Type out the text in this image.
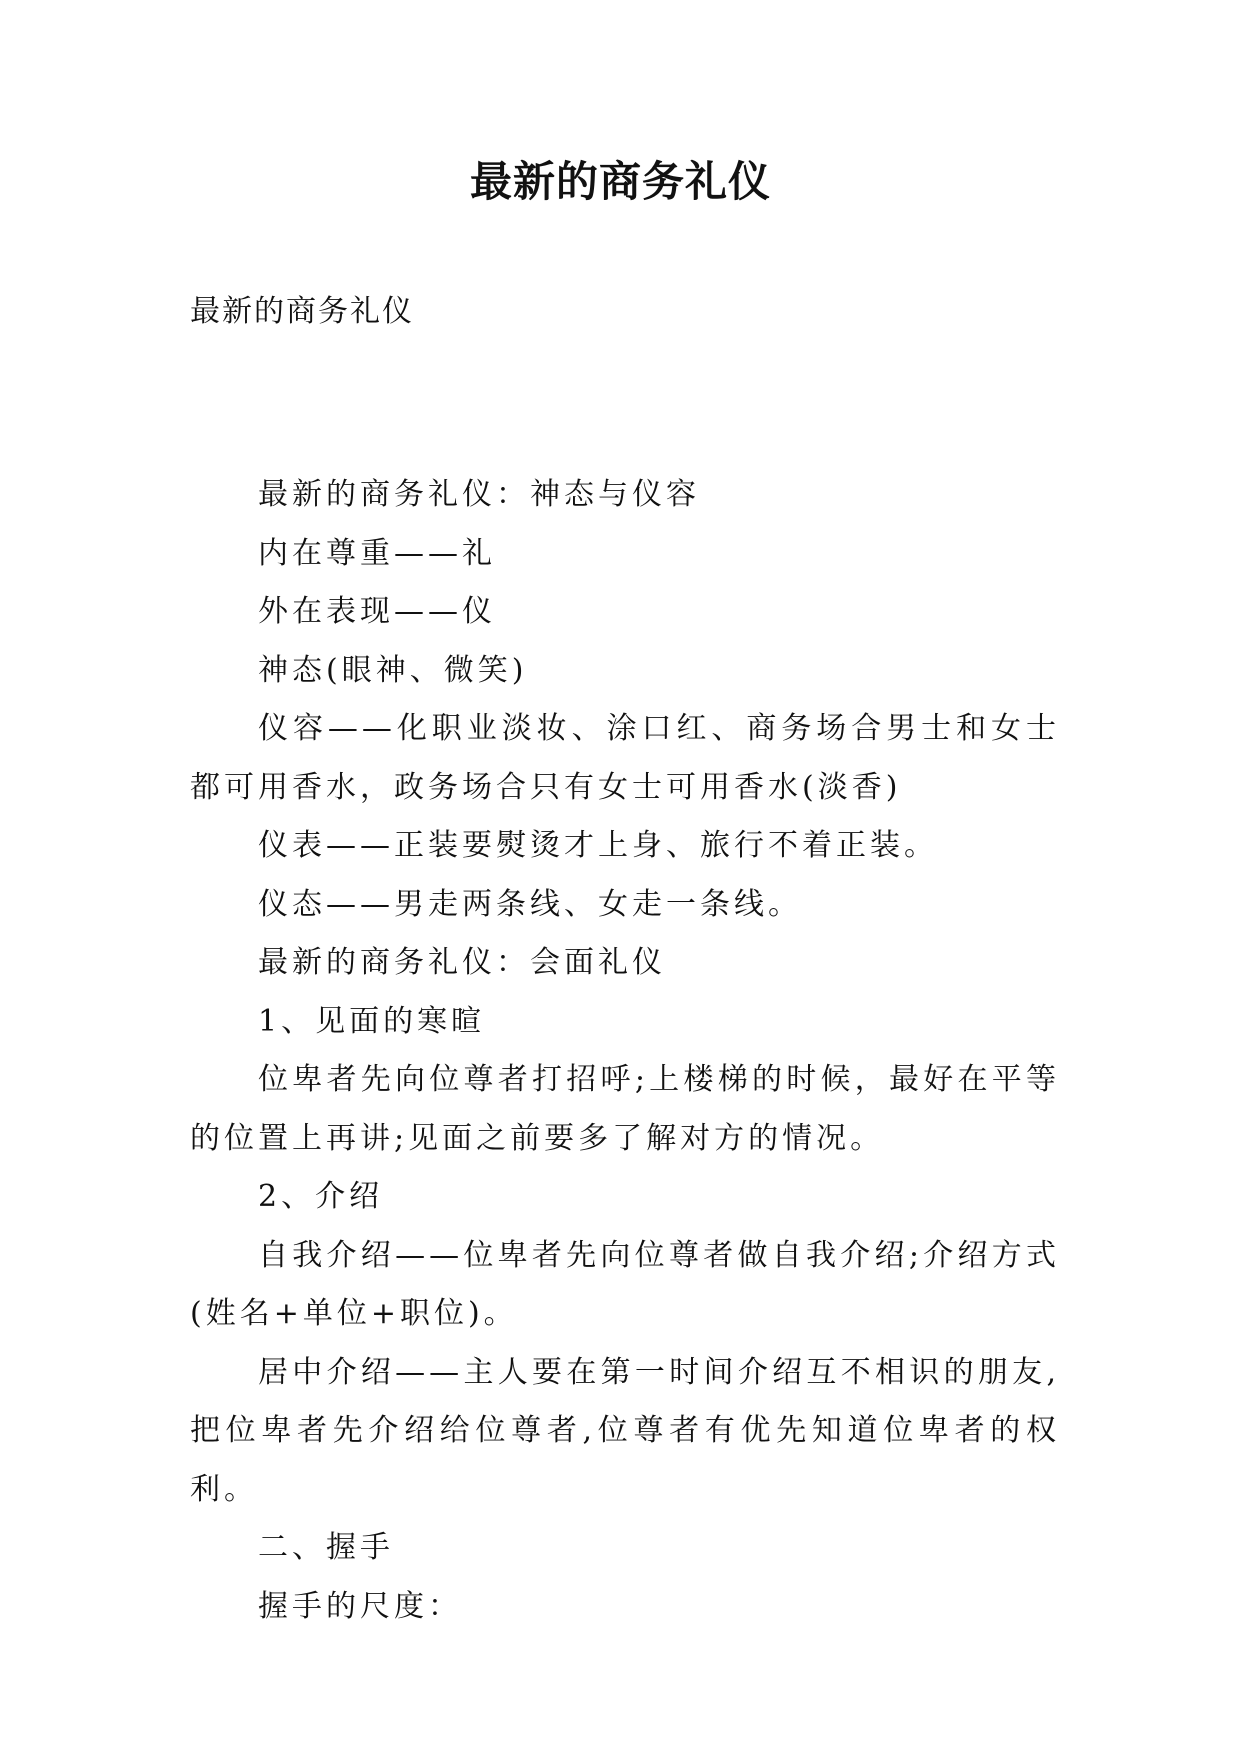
最新的商务礼仪
最新的商务礼仪

最新的商务礼仪：神态与仪容

内在尊重——礼

外在表现——仪

神态(眼神、微笑)

仪容——化职业淡妆、涂口红、商务场合男士和女士都可用香水，政务场合只有女士可用香水(淡香)

仪表——正装要熨烫才上身、旅行不着正装。

仪态——男走两条线、女走一条线。

最新的商务礼仪：会面礼仪

1、见面的寒暄

位卑者先向位尊者打招呼;上楼梯的时候，最好在平等的位置上再讲;见面之前要多了解对方的情况。

2、介绍

自我介绍——位卑者先向位尊者做自我介绍;介绍方式(姓名+单位+职位)。

居中介绍——主人要在第一时间介绍互不相识的朋友,把位卑者先介绍给位尊者,位尊者有优先知道位卑者的权利。

二、握手

握手的尺度：
